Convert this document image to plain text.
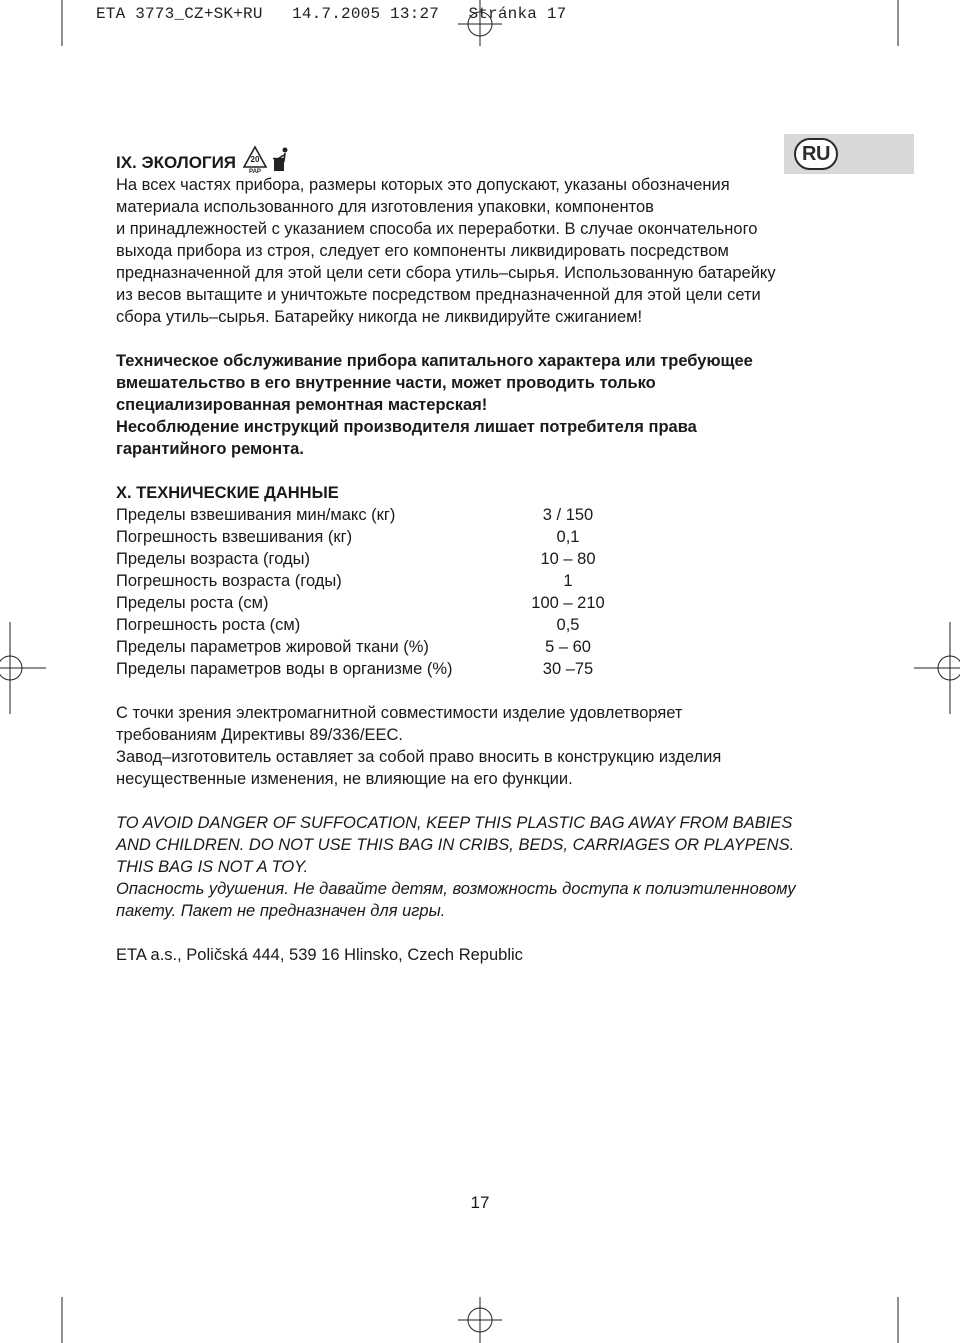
ETA 3773_CZ+SK+RU   14.7.2005 13:27   Stránka 17
RU
IX. ЭКОЛОГИЯ 20
PAP

На всех частях прибора, размеры которых это допускают, указаны обозначения

материала использованного для изготовления упаковки, компонентов

и принадлежностей с указанием способа их переработки. В случае окончательного

выхода прибора из строя, следует его компоненты ликвидировать посредством

предназначенной для этой цели сети сбора утиль–сырья. Использованную батарейку

из весов вытащите и уничтожьте посредством предназначенной для этой цели сети

сбора утиль–сырья. Батарейку никогда не ликвидируйте сжиганием!

Техническое обслуживание прибора капитального характера или требующее

вмешательство в его внутренние части, может проводить только

специализированная ремонтная мастерская!

Несоблюдение инструкций производителя лишает потребителя права

гарантийного ремонта.

X. ТЕХНИЧЕСКИЕ ДАННЫЕ

Пределы взвешивания мин/макс (кг)	3 / 150
Погрешность взвешивания (кг)	0,1
Пределы возраста (годы)	10 – 80
Погрешность возраста (годы)	1
Пределы роста (см)	100 – 210
Погрешность роста (см)	0,5
Пределы параметров жировой ткани (%)	5 – 60
Пределы параметров воды в организме (%)	30 –75

С точки зрения электромагнитной совместимости изделие удовлетворяет

требованиям Директивы 89/336/EEC.

Завод–изготовитель оставляет за собой право вносить в конструкцию изделия

несущественные изменения, не влияющие на его функции.

TO AVOID DANGER OF SUFFOCATION, KEEP THIS PLASTIC BAG AWAY FROM BABIES

AND CHILDREN. DO NOT USE THIS BAG IN CRIBS, BEDS, CARRIAGES OR PLAYPENS.

THIS BAG IS NOT A TOY.

Опасность удушения. Не давайте детям, возможность доступа к полиэтиленновому

пакету. Пакет не предназначен для игры.

ETA a.s., Poličská 444, 539 16 Hlinsko, Czech Republic

17
